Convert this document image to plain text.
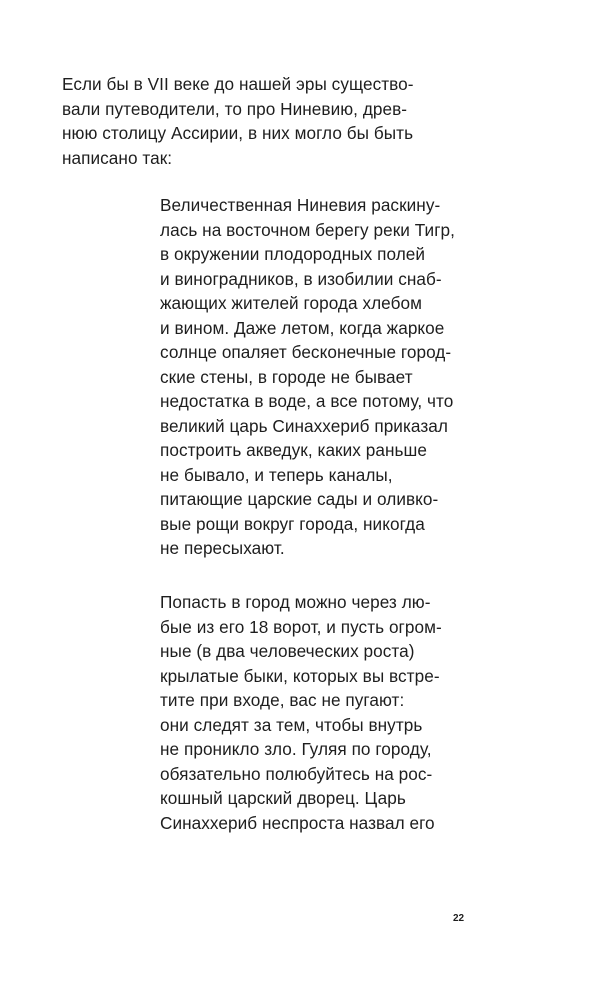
Если бы в VII веке до нашей эры существо-
вали путеводители, то про Ниневию, древ-
нюю столицу Ассирии, в них могло бы быть
написано так:

Величественная Ниневия раскину-
лась на восточном берегу реки Тигр,
в окружении плодородных полей
и виноградников, в изобилии снаб-
жающих жителей города хлебом
и вином. Даже летом, когда жаркое
солнце опаляет бесконечные город-
ские стены, в городе не бывает
недостатка в воде, а все потому, что
великий царь Синаххериб приказал
построить акведук, каких раньше
не бывало, и теперь каналы,
питающие царские сады и оливко-
вые рощи вокруг города, никогда
не пересыхают.

Попасть в город можно через лю-
бые из его 18 ворот, и пусть огром-
ные (в два человеческих роста)
крылатые быки, которых вы встре-
тите при входе, вас не пугают:
они следят за тем, чтобы внутрь
не проникло зло. Гуляя по городу,
обязательно полюбуйтесь на рос-
кошный царский дворец. Царь
Синаххериб неспроста назвал его

22
